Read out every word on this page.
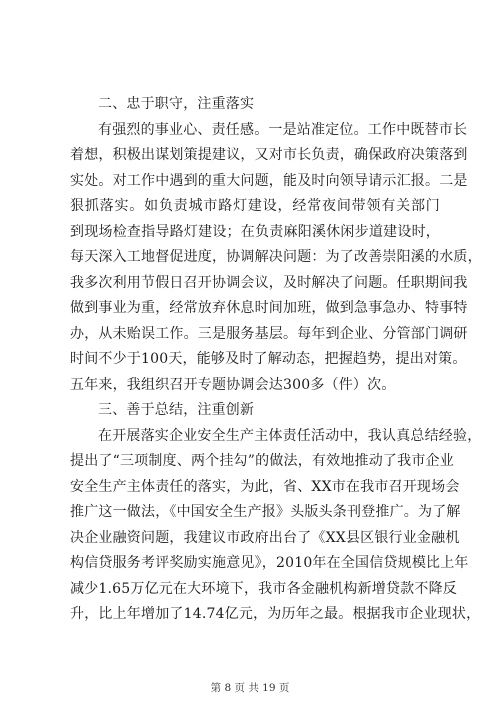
二、忠于职守，注重落实
有强烈的事业心、责任感。一是站准定位。工作中既替市长
着想，积极出谋划策提建议，又对市长负责，确保政府决策落到
实处。对工作中遇到的重大问题，能及时向领导请示汇报。二是
狠抓落实。如负责城市路灯建设，经常夜间带领有关部门
到现场检查指导路灯建设；在负责麻阳溪休闲步道建设时，
每天深入工地督促进度，协调解决问题：为了改善崇阳溪的水质，
我多次利用节假日召开协调会议，及时解决了问题。任职期间我
做到事业为重，经常放弃休息时间加班，做到急事急办、特事特
办，从未贻误工作。三是服务基层。每年到企业、分管部门调研
时间不少于100天，能够及时了解动态，把握趋势，提出对策。
五年来，我组织召开专题协调会达300多（件）次。
三、善于总结，注重创新
在开展落实企业安全生产主体责任活动中，我认真总结经验，
提出了“三项制度、两个挂勾”的做法，有效地推动了我市企业
安全生产主体责任的落实，为此，省、XX市在我市召开现场会
推广这一做法，《中国安全生产报》头版头条刊登推广。为了解
决企业融资问题，我建议市政府出台了《XX县区银行业金融机
构信贷服务考评奖励实施意见》，2010年在全国信贷规模比上年
减少1.65万亿元在大环境下，我市各金融机构新增贷款不降反
升，比上年增加了14.74亿元，为历年之最。根据我市企业现状，
第 8 页 共 19 页
